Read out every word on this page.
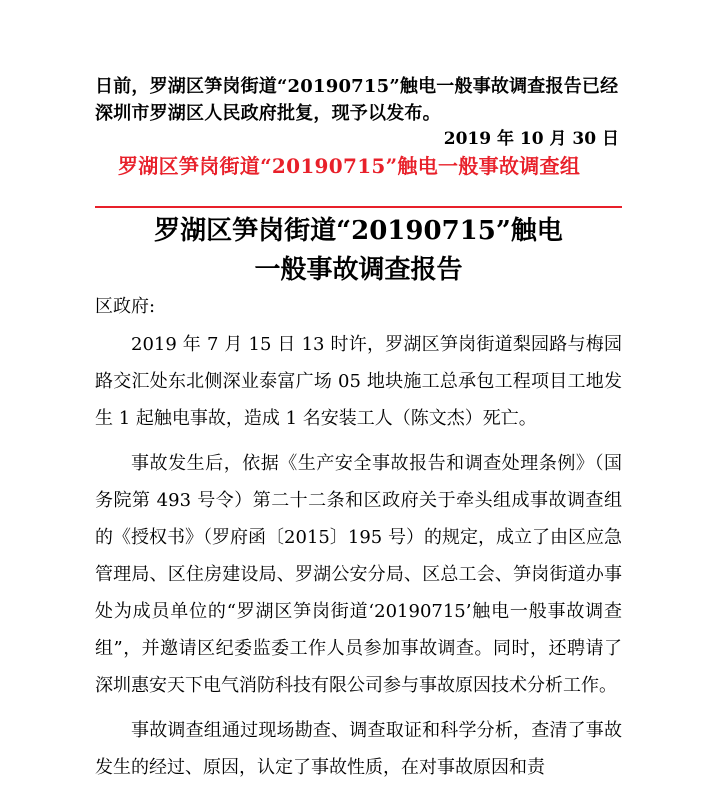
日前，罗湖区笋岗街道“20190715”触电一般事故调查报告已经深圳市罗湖区人民政府批复，现予以发布。
2019 年 10 月 30 日
罗湖区笋岗街道“20190715”触电一般事故调查组
罗湖区笋岗街道“20190715”触电
一般事故调查报告
区政府:

2019 年 7 月 15 日 13 时许，罗湖区笋岗街道梨园路与梅园路交汇处东北侧深业泰富广场 05 地块施工总承包工程项目工地发生 1 起触电事故，造成 1 名安装工人（陈文杰）死亡。

事故发生后，依据《生产安全事故报告和调查处理条例》（国务院第 493 号令）第二十二条和区政府关于牵头组成事故调查组的《授权书》（罗府函〔2015〕195 号）的规定，成立了由区应急管理局、区住房建设局、罗湖公安分局、区总工会、笋岗街道办事处为成员单位的“罗湖区笋岗街道‘20190715’触电一般事故调查组”，并邀请区纪委监委工作人员参加事故调查。同时，还聘请了深圳惠安天下电气消防科技有限公司参与事故原因技术分析工作。

事故调查组通过现场勘查、调查取证和科学分析，查清了事故发生的经过、原因，认定了事故性质，在对事故原因和责
